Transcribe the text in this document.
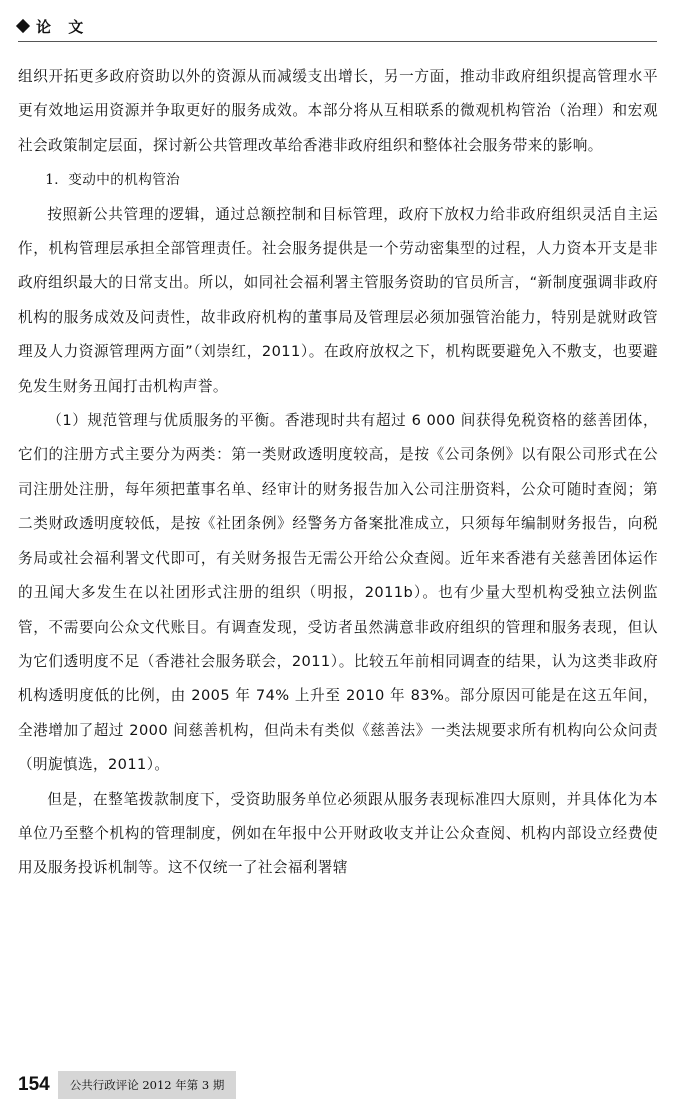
论 文

组织开拓更多政府资助以外的资源从而减缓支出增长，另一方面，推动非政府组织提高管理水平更有效地运用资源并争取更好的服务成效。本部分将从互相联系的微观机构管治（治理）和宏观社会政策制定层面，探讨新公共管理改革给香港非政府组织和整体社会服务带来的影响。

1．变动中的机构管治

按照新公共管理的逻辑，通过总额控制和目标管理，政府下放权力给非政府组织灵活自主运作，机构管理层承担全部管理责任。社会服务提供是一个劳动密集型的过程，人力资本开支是非政府组织最大的日常支出。所以，如同社会福利署主管服务资助的官员所言，“新制度强调非政府机构的服务成效及问责性，故非政府机构的董事局及管理层必须加强管治能力，特别是就财政管理及人力资源管理两方面”（刘崇红，2011）。在政府放权之下，机构既要避免入不敷支，也要避免发生财务丑闻打击机构声誉。

（1）规范管理与优质服务的平衡。香港现时共有超过 6 000 间获得免税资格的慈善团体，它们的注册方式主要分为两类：第一类财政透明度较高，是按《公司条例》以有限公司形式在公司注册处注册，每年须把董事名单、经审计的财务报告加入公司注册资料，公众可随时查阅；第二类财政透明度较低，是按《社团条例》经警务方备案批准成立，只须每年编制财务报告，向税务局或社会福利署文代即可，有关财务报告无需公开给公众查阅。近年来香港有关慈善团体运作的丑闻大多发生在以社团形式注册的组织（明报，2011b）。也有少量大型机构受独立法例监管，不需要向公众文代账目。有调查发现，受访者虽然满意非政府组织的管理和服务表现，但认为它们透明度不足（香港社会服务联会，2011）。比较五年前相同调查的结果，认为这类非政府机构透明度低的比例，由 2005 年 74% 上升至 2010 年 83%。部分原因可能是在这五年间，全港增加了超过 2000 间慈善机构，但尚未有类似《慈善法》一类法规要求所有机构向公众问责（明旎慎选，2011）。

但是，在整笔拨款制度下，受资助服务单位必须跟从服务表现标准四大原则，并具体化为本单位乃至整个机构的管理制度，例如在年报中公开财政收支并让公众查阅、机构内部设立经费使用及服务投诉机制等。这不仅统一了社会福利署辖

154	公共行政评论 2012 年第 3 期
